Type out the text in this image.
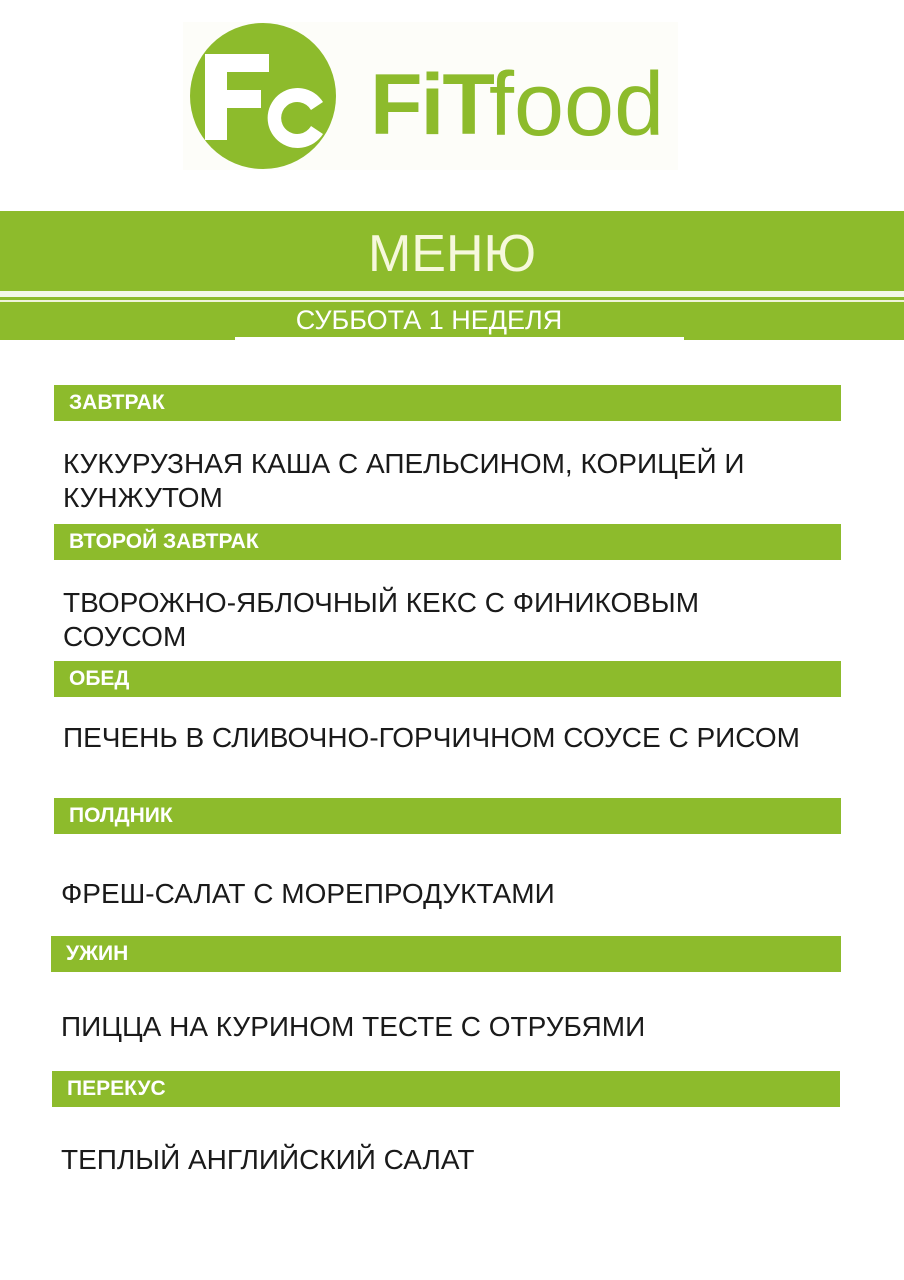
FiT
food
МЕНЮ
СУББОТА 1 НЕДЕЛЯ
ЗАВТРАК
КУКУРУЗНАЯ КАША С АПЕЛЬСИНОМ, КОРИЦЕЙ И КУНЖУТОМ
ВТОРОЙ ЗАВТРАК
ТВОРОЖНО-ЯБЛОЧНЫЙ КЕКС С ФИНИКОВЫМ СОУСОМ
ОБЕД
ПЕЧЕНЬ В СЛИВОЧНО-ГОРЧИЧНОМ СОУСЕ С РИСОМ
ПОЛДНИК
ФРЕШ-САЛАТ С МОРЕПРОДУКТАМИ
УЖИН
ПИЦЦА НА КУРИНОМ ТЕСТЕ С ОТРУБЯМИ
ПЕРЕКУС
ТЕПЛЫЙ АНГЛИЙСКИЙ САЛАТ
